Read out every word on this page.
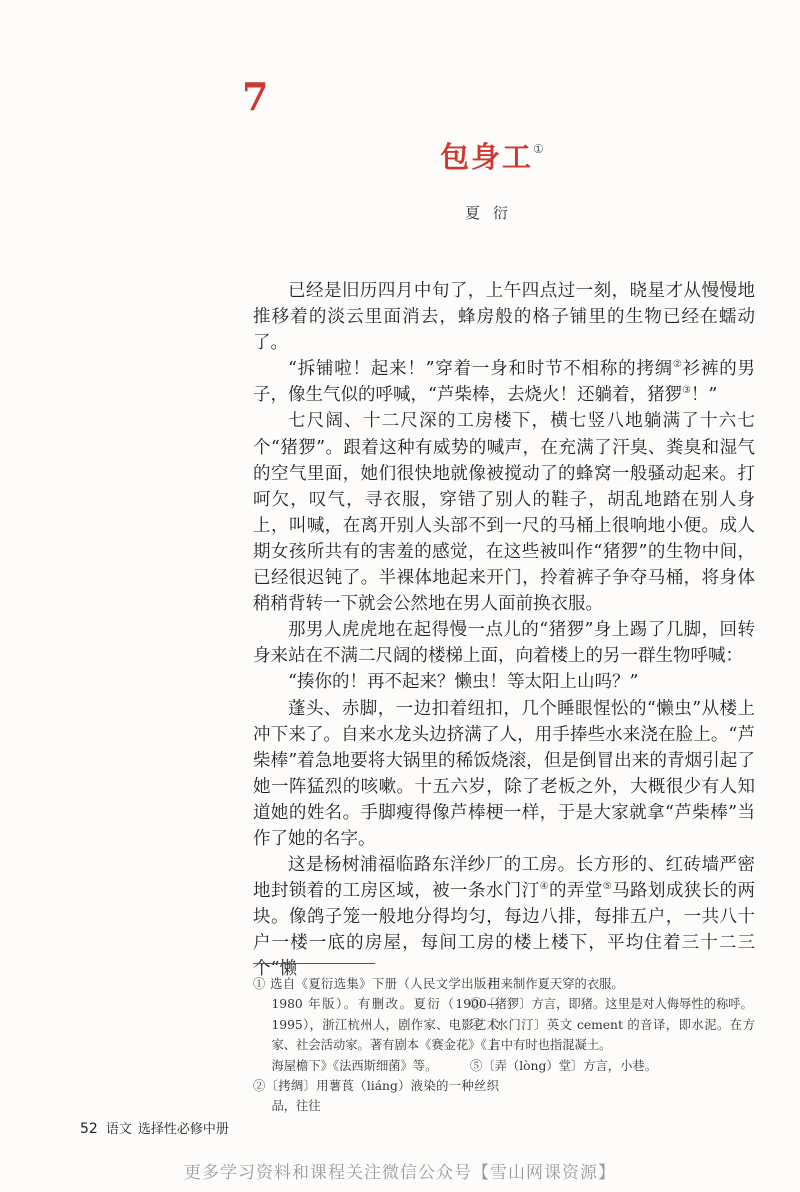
7
包身工①
夏衍

已经是旧历四月中旬了，上午四点过一刻，晓星才从慢慢地推移着的淡云里面消去，蜂房般的格子铺里的生物已经在蠕动了。

“拆铺啦！起来！”穿着一身和时节不相称的拷绸②衫裤的男子，像生气似的呼喊，“芦柴棒，去烧火！还躺着，猪猡③！”

七尺阔、十二尺深的工房楼下，横七竖八地躺满了十六七个“猪猡”。跟着这种有威势的喊声，在充满了汗臭、粪臭和湿气的空气里面，她们很快地就像被搅动了的蜂窝一般骚动起来。打呵欠，叹气，寻衣服，穿错了别人的鞋子，胡乱地踏在别人身上，叫喊，在离开别人头部不到一尺的马桶上很响地小便。成人期女孩所共有的害羞的感觉，在这些被叫作“猪猡”的生物中间，已经很迟钝了。半裸体地起来开门，拎着裤子争夺马桶，将身体稍稍背转一下就会公然地在男人面前换衣服。

那男人虎虎地在起得慢一点儿的“猪猡”身上踢了几脚，回转身来站在不满二尺阔的楼梯上面，向着楼上的另一群生物呼喊：

“揍你的！再不起来？懒虫！等太阳上山吗？”

蓬头、赤脚，一边扣着纽扣，几个睡眼惺忪的“懒虫”从楼上冲下来了。自来水龙头边挤满了人，用手捧些水来浇在脸上。“芦柴棒”着急地要将大锅里的稀饭烧滚，但是倒冒出来的青烟引起了她一阵猛烈的咳嗽。十五六岁，除了老板之外，大概很少有人知道她的姓名。手脚瘦得像芦棒梗一样，于是大家就拿“芦柴棒”当作了她的名字。

这是杨树浦福临路东洋纱厂的工房。长方形的、红砖墙严密地封锁着的工房区域，被一条水门汀④的弄堂⑤马路划成狭长的两块。像鸽子笼一般地分得均匀，每边八排，每排五户，一共八十户一楼一底的房屋，每间工房的楼上楼下，平均住着三十二三个“懒

① 选自《夏衍选集》下册（人民文学出版社 1980 年版）。有删改。夏衍（1900—1995），浙江杭州人，剧作家、电影艺术家、社会活动家。著有剧本《赛金花》《上海屋檐下》《法西斯细菌》等。

②〔拷绸〕用薯莨（liáng）液染的一种丝织品，往往

用来制作夏天穿的衣服。

③〔猪猡〕方言，即猪。这里是对人侮辱性的称呼。

④〔水门汀〕英文 cement 的音译，即水泥。在方言中有时也指混凝土。

⑤〔弄（lòng）堂〕方言，小巷。

52 语文 选择性必修中册
更多学习资料和课程关注微信公众号【雪山网课资源】
